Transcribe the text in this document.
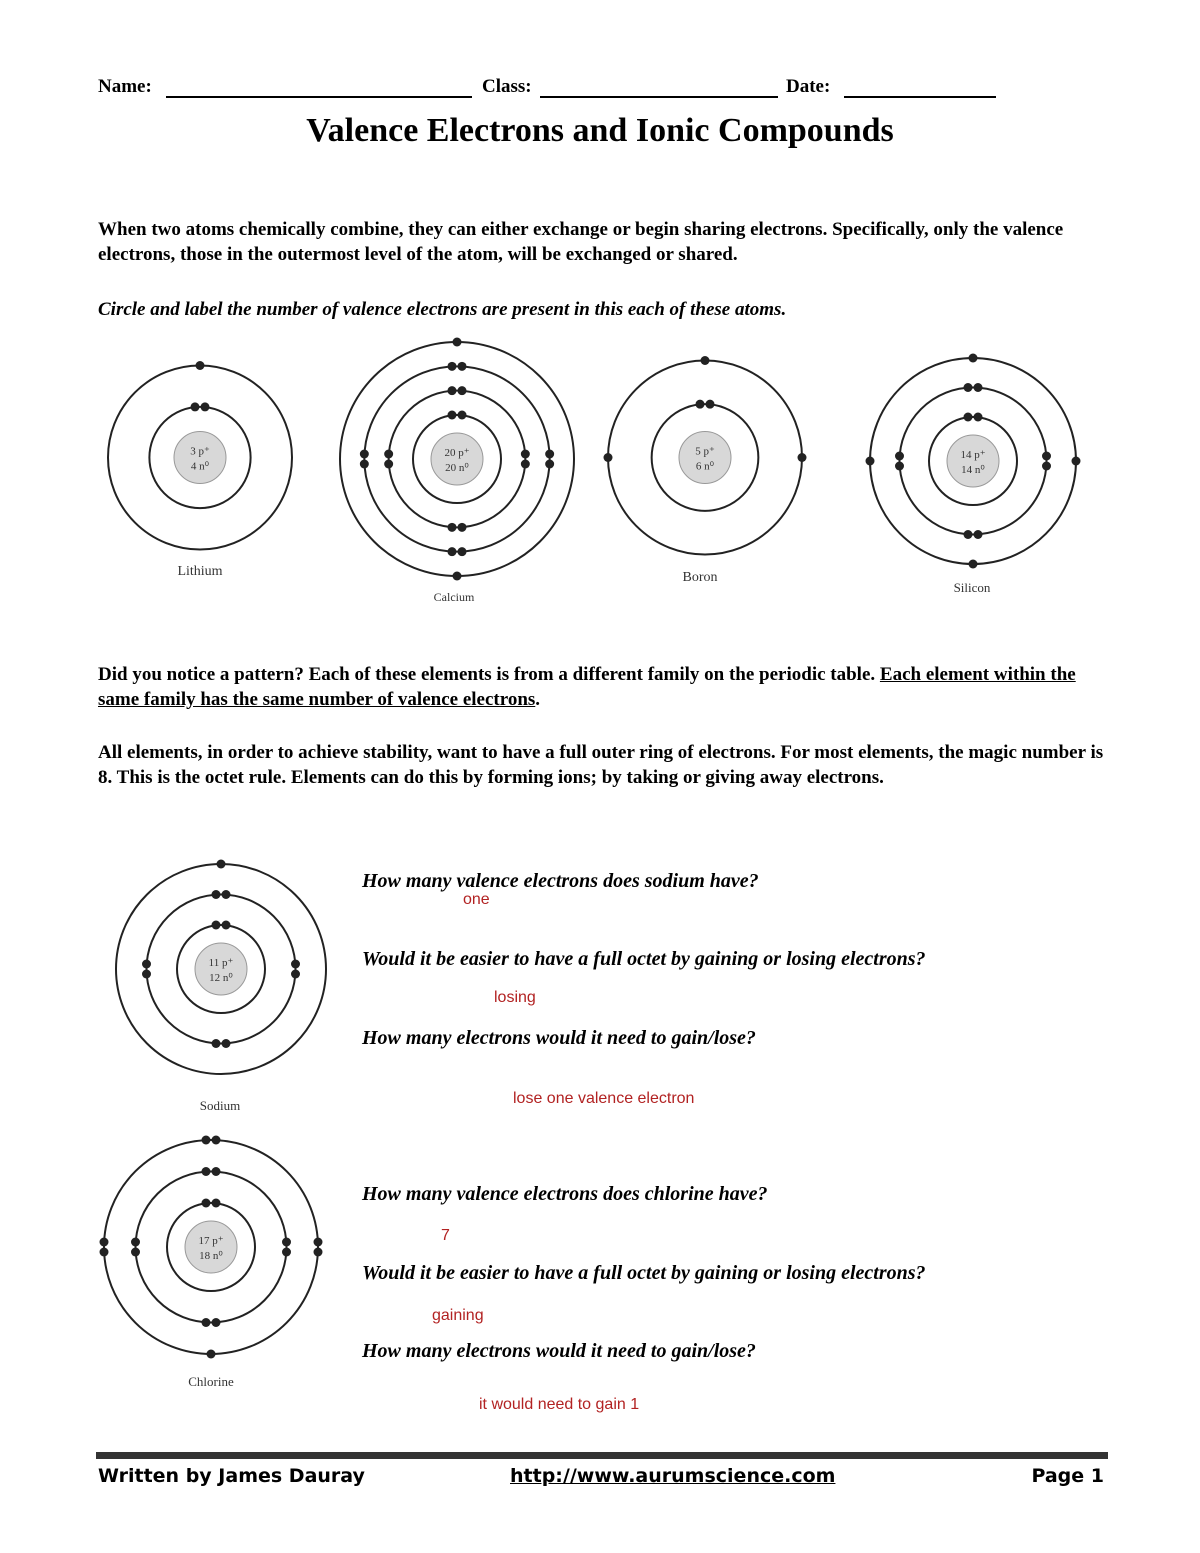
Name:	Class:	Date:
Valence Electrons and Ionic Compounds
When two atoms chemically combine, they can either exchange or begin sharing electrons. Specifically, only the valence electrons, those in the outermost level of the atom, will be exchanged or shared.
Circle and label the number of valence electrons are present in this each of these atoms.
3 p⁺
4 n⁰
Lithium
20 p⁺
20 n⁰
Calcium
5 p⁺
6 n⁰
Boron
14 p⁺
14 n⁰
Silicon
Did you notice a pattern? Each of these elements is from a different family on the periodic table. Each element within the same family has the same number of valence electrons.
All elements, in order to achieve stability, want to have a full outer ring of electrons. For most elements, the magic number is 8. This is the octet rule. Elements can do this by forming ions; by taking or giving away electrons.
11 p⁺
12 n⁰
Sodium
How many valence electrons does sodium have?
one
Would it be easier to have a full octet by gaining or losing electrons?
losing
How many electrons would it need to gain/lose?
lose one valence electron
17 p⁺
18 n⁰
Chlorine
How many valence electrons does chlorine have?
7
Would it be easier to have a full octet by gaining or losing electrons?
gaining
How many electrons would it need to gain/lose?
it would need to gain 1
Written by James Dauray	http://www.aurumscience.com	Page 1
